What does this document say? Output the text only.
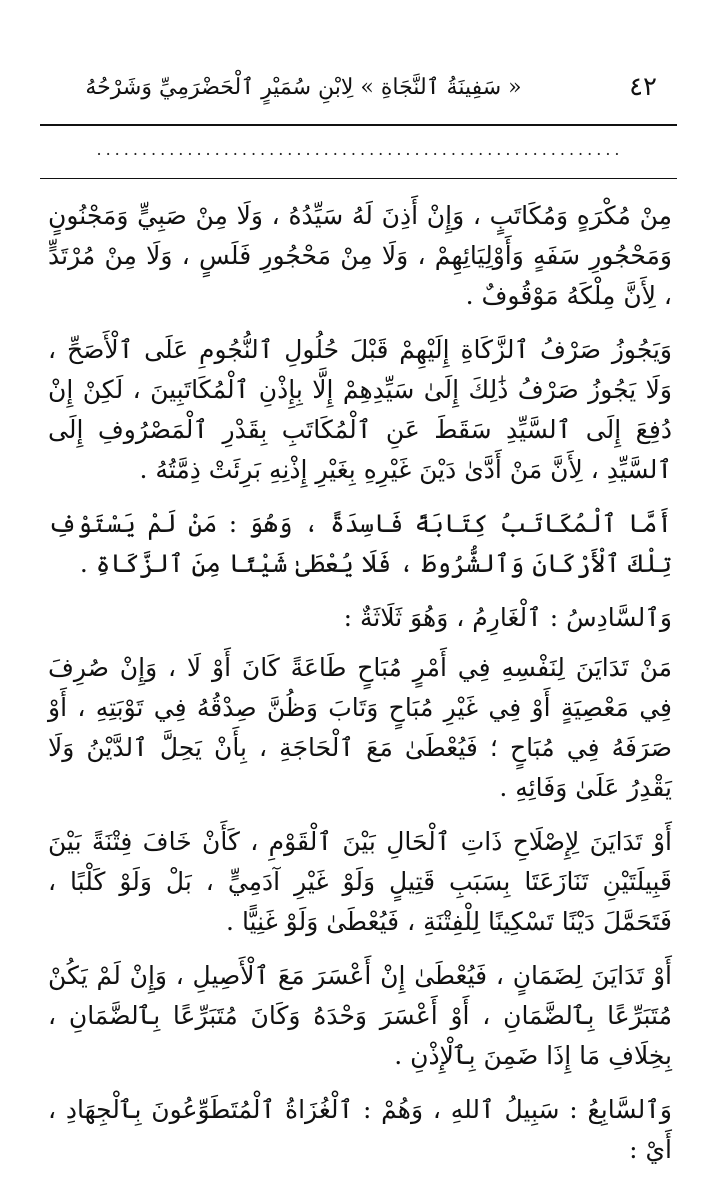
٤٢
« سَفِينَةُ ٱلنَّجَاةِ » لِابْنِ سُمَيْرٍ ٱلْحَضْرَمِيِّ وَشَرْحُهُ
..........................................................

مِنْ مُكْرَهٍ وَمُكَاتَبٍ ، وَإِنْ أَذِنَ لَهُ سَيِّدُهُ ، وَلَا مِنْ صَبِيٍّ وَمَجْنُونٍ وَمَحْجُورِ سَفَهٍ وَأَوْلِيَائِهِمْ ، وَلَا مِنْ مَحْجُورِ فَلَسٍ ، وَلَا مِنْ مُرْتَدٍّ ، لِأَنَّ مِلْكَهُ مَوْقُوفٌ .

وَيَجُوزُ صَرْفُ ٱلزَّكَاةِ إِلَيْهِمْ قَبْلَ حُلُولِ ٱلنُّجُومِ عَلَى ٱلْأَصَحِّ ، وَلَا يَجُوزُ صَرْفُ ذَٰلِكَ إِلَىٰ سَيِّدِهِمْ إِلَّا بِإِذْنِ ٱلْمُكَاتَبِينَ ، لَكِنْ إِنْ دُفِعَ إِلَى ٱلسَّيِّدِ سَقَطَ عَنِ ٱلْمُكَاتَبِ بِقَدْرِ ٱلْمَصْرُوفِ إِلَى ٱلسَّيِّدِ ، لِأَنَّ مَنْ أَدَّىٰ دَيْنَ غَيْرِهِ بِغَيْرِ إِذْنِهِ بَرِئَتْ ذِمَّتُهُ .

أَمَّا ٱلْمُكَاتَبُ كِتَابَةً فَاسِدَةً ، وَهُوَ : مَنْ لَمْ يَسْتَوْفِ تِلْكَ ٱلْأَرْكَانَ وَٱلشُّرُوطَ ، فَلَا يُعْطَىٰ شَيْئًا مِنَ ٱلزَّكَاةِ .

وَٱلسَّادِسُ : ٱلْغَارِمُ ، وَهُوَ ثَلَاثَةٌ :

مَنْ تَدَايَنَ لِنَفْسِهِ فِي أَمْرٍ مُبَاحٍ طَاعَةً كَانَ أَوْ لَا ، وَإِنْ صُرِفَ فِي مَعْصِيَةٍ أَوْ فِي غَيْرِ مُبَاحٍ وَتَابَ وَظُنَّ صِدْقُهُ فِي تَوْبَتِهِ ، أَوْ صَرَفَهُ فِي مُبَاحٍ ؛ فَيُعْطَىٰ مَعَ ٱلْحَاجَةِ ، بِأَنْ يَحِلَّ ٱلدَّيْنُ وَلَا يَقْدِرُ عَلَىٰ وَفَائِهِ .

أَوْ تَدَايَنَ لِإِصْلَاحِ ذَاتِ ٱلْحَالِ بَيْنَ ٱلْقَوْمِ ، كَأَنْ خَافَ فِتْنَةً بَيْنَ قَبِيلَتَيْنِ تَنَازَعَتَا بِسَبَبِ قَتِيلٍ وَلَوْ غَيْرِ آدَمِيٍّ ، بَلْ وَلَوْ كَلْبًا ، فَتَحَمَّلَ دَيْنًا تَسْكِينًا لِلْفِتْنَةِ ، فَيُعْطَىٰ وَلَوْ غَنِيًّا .

أَوْ تَدَايَنَ لِضَمَانٍ ، فَيُعْطَىٰ إِنْ أَعْسَرَ مَعَ ٱلْأَصِيلِ ، وَإِنْ لَمْ يَكُنْ مُتَبَرِّعًا بِٱلضَّمَانِ ، أَوْ أَعْسَرَ وَحْدَهُ وَكَانَ مُتَبَرِّعًا بِٱلضَّمَانِ ، بِخِلَافِ مَا إِذَا ضَمِنَ بِٱلْإِذْنِ .

وَٱلسَّابِعُ : سَبِيلُ ٱللهِ ، وَهُمْ : ٱلْغُزَاةُ ٱلْمُتَطَوِّعُونَ بِٱلْجِهَادِ ، أَيْ :
